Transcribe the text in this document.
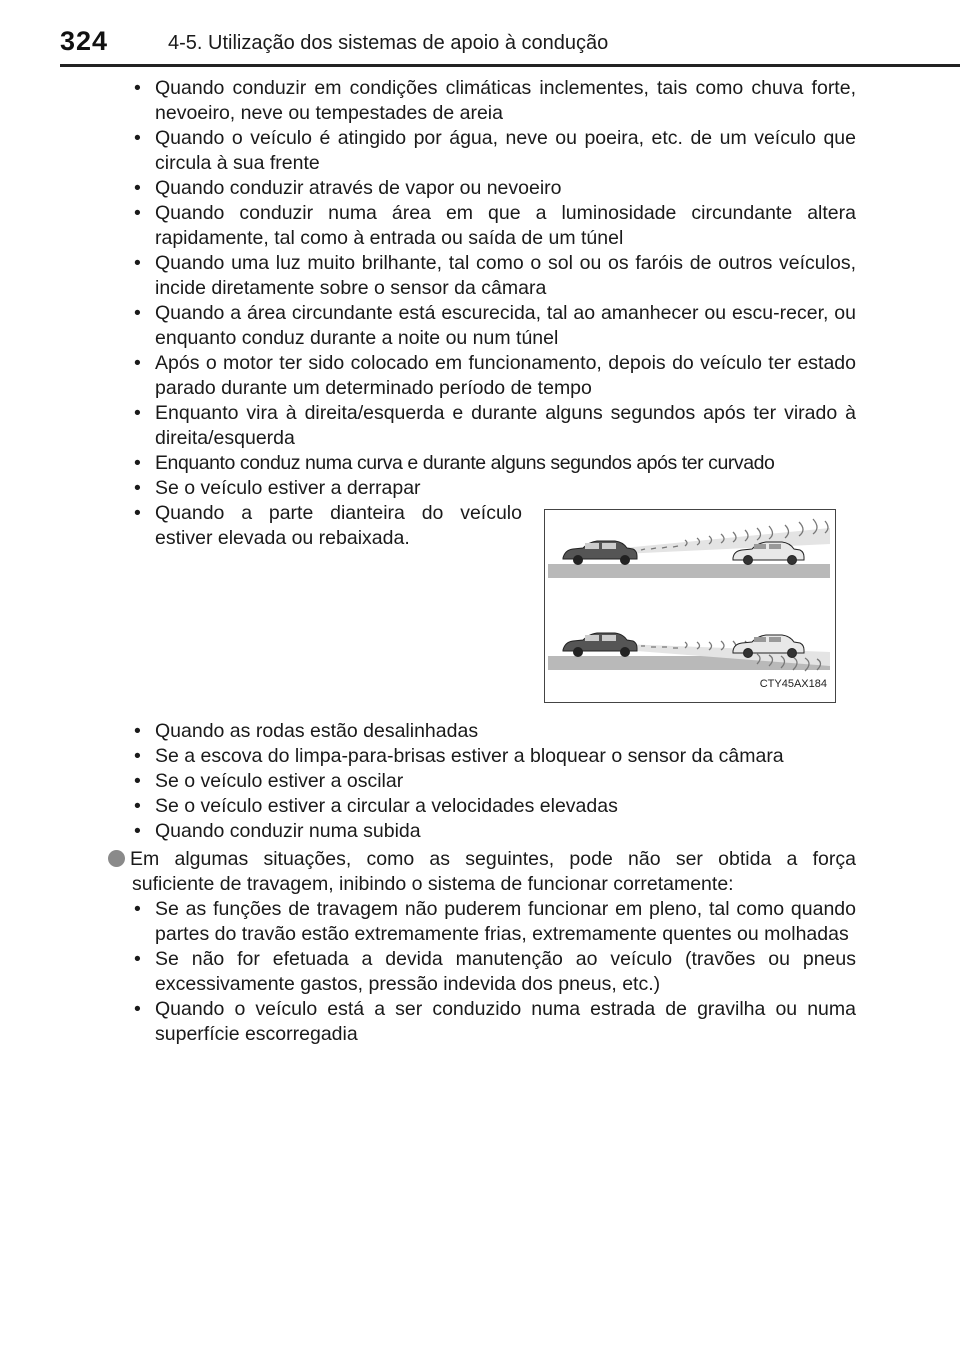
324	4-5. Utilização dos sistemas de apoio à condução
• Quando conduzir em condições climáticas inclementes, tais como chuva forte, nevoeiro, neve ou tempestades de areia
• Quando o veículo é atingido por água, neve ou poeira, etc. de um veículo que circula à sua frente
• Quando conduzir através de vapor ou nevoeiro
• Quando conduzir numa área em que a luminosidade circundante altera rapidamente, tal como à entrada ou saída de um túnel
• Quando uma luz muito brilhante, tal como o sol ou os faróis de outros veículos, incide diretamente sobre o sensor da câmara
• Quando a área circundante está escurecida, tal ao amanhecer ou escu-recer, ou enquanto conduz durante a noite ou num túnel
• Após o motor ter sido colocado em funcionamento, depois do veículo ter estado parado durante um determinado período de tempo
• Enquanto vira à direita/esquerda e durante alguns segundos após ter virado à direita/esquerda
• Enquanto conduz numa curva e durante alguns segundos após ter curvado
• Se o veículo estiver a derrapar
• Quando a parte dianteira do veículo estiver elevada ou rebaixada.
CTY45AX184
• Quando as rodas estão desalinhadas
• Se a escova do limpa-para-brisas estiver a bloquear o sensor da câmara
• Se o veículo estiver a oscilar
• Se o veículo estiver a circular a velocidades elevadas
• Quando conduzir numa subida

Em algumas situações, como as seguintes, pode não ser obtida a força

suficiente de travagem, inibindo o sistema de funcionar corretamente:

• Se as funções de travagem não puderem funcionar em pleno, tal como quando partes do travão estão extremamente frias, extremamente quentes ou molhadas
• Se não for efetuada a devida manutenção ao veículo (travões ou pneus excessivamente gastos, pressão indevida dos pneus, etc.)
• Quando o veículo está a ser conduzido numa estrada de gravilha ou numa superfície escorregadia
